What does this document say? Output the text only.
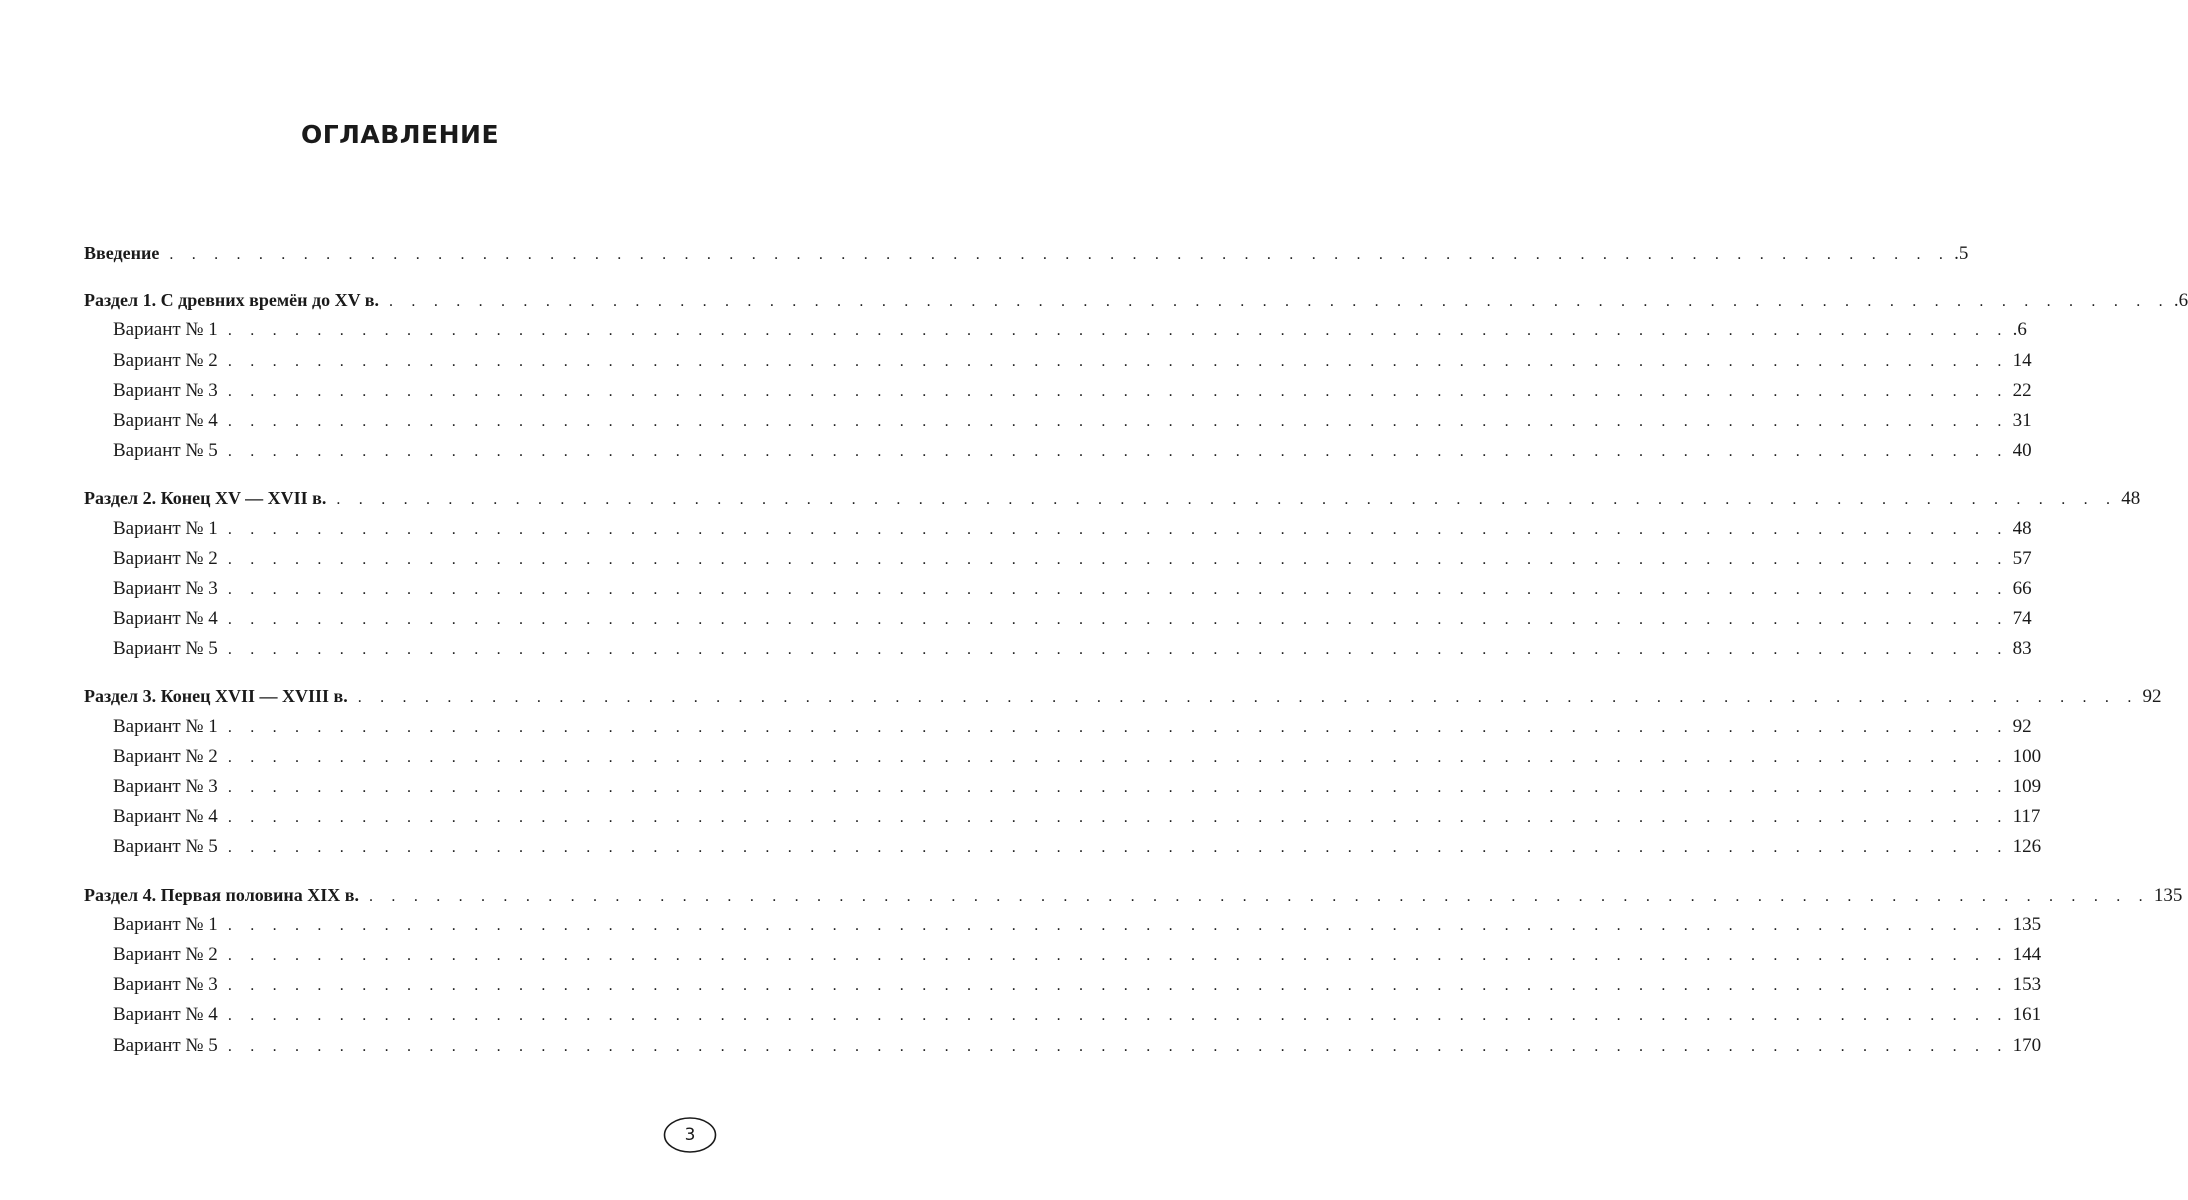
ОГЛАВЛЕНИЕ
Введение . . . . . . . . . . . . . . . . . . . . . . . . . . . . . . . . . . . . . . . . . . . . . . . . . . . . . . . . . . . . . . . . . . . . . . . . . . . . . . . . .5
Раздел 1. С древних времён до XV в. . . . . . . . . . . . . . . . . . . . . . . . . . . . . . . . . . . . . . . . . . . . . . . . . . . . . . . . . . . . . . . . . . . . . . . . . . . . . . . . . .6
Вариант № 1 . . . . . . . . . . . . . . . . . . . . . . . . . . . . . . . . . . . . . . . . . . . . . . . . . . . . . . . . . . . . . . . . . . . . . . . . . . . . . . . . .6
Вариант № 2 . . . . . . . . . . . . . . . . . . . . . . . . . . . . . . . . . . . . . . . . . . . . . . . . . . . . . . . . . . . . . . . . . . . . . . . . . . . . . . . . 14
Вариант № 3 . . . . . . . . . . . . . . . . . . . . . . . . . . . . . . . . . . . . . . . . . . . . . . . . . . . . . . . . . . . . . . . . . . . . . . . . . . . . . . . . 22
Вариант № 4 . . . . . . . . . . . . . . . . . . . . . . . . . . . . . . . . . . . . . . . . . . . . . . . . . . . . . . . . . . . . . . . . . . . . . . . . . . . . . . . . 31
Вариант № 5 . . . . . . . . . . . . . . . . . . . . . . . . . . . . . . . . . . . . . . . . . . . . . . . . . . . . . . . . . . . . . . . . . . . . . . . . . . . . . . . . 40
Раздел 2. Конец XV — XVII в. . . . . . . . . . . . . . . . . . . . . . . . . . . . . . . . . . . . . . . . . . . . . . . . . . . . . . . . . . . . . . . . . . . . . . . . . . . . . . . . . 48
Вариант № 1 . . . . . . . . . . . . . . . . . . . . . . . . . . . . . . . . . . . . . . . . . . . . . . . . . . . . . . . . . . . . . . . . . . . . . . . . . . . . . . . . 48
Вариант № 2 . . . . . . . . . . . . . . . . . . . . . . . . . . . . . . . . . . . . . . . . . . . . . . . . . . . . . . . . . . . . . . . . . . . . . . . . . . . . . . . . 57
Вариант № 3 . . . . . . . . . . . . . . . . . . . . . . . . . . . . . . . . . . . . . . . . . . . . . . . . . . . . . . . . . . . . . . . . . . . . . . . . . . . . . . . . 66
Вариант № 4 . . . . . . . . . . . . . . . . . . . . . . . . . . . . . . . . . . . . . . . . . . . . . . . . . . . . . . . . . . . . . . . . . . . . . . . . . . . . . . . . 74
Вариант № 5 . . . . . . . . . . . . . . . . . . . . . . . . . . . . . . . . . . . . . . . . . . . . . . . . . . . . . . . . . . . . . . . . . . . . . . . . . . . . . . . . 83
Раздел 3. Конец XVII — XVIII в. . . . . . . . . . . . . . . . . . . . . . . . . . . . . . . . . . . . . . . . . . . . . . . . . . . . . . . . . . . . . . . . . . . . . . . . . . . . . . . . . 92
Вариант № 1 . . . . . . . . . . . . . . . . . . . . . . . . . . . . . . . . . . . . . . . . . . . . . . . . . . . . . . . . . . . . . . . . . . . . . . . . . . . . . . . . 92
Вариант № 2 . . . . . . . . . . . . . . . . . . . . . . . . . . . . . . . . . . . . . . . . . . . . . . . . . . . . . . . . . . . . . . . . . . . . . . . . . . . . . . . . 100
Вариант № 3 . . . . . . . . . . . . . . . . . . . . . . . . . . . . . . . . . . . . . . . . . . . . . . . . . . . . . . . . . . . . . . . . . . . . . . . . . . . . . . . . 109
Вариант № 4 . . . . . . . . . . . . . . . . . . . . . . . . . . . . . . . . . . . . . . . . . . . . . . . . . . . . . . . . . . . . . . . . . . . . . . . . . . . . . . . . 117
Вариант № 5 . . . . . . . . . . . . . . . . . . . . . . . . . . . . . . . . . . . . . . . . . . . . . . . . . . . . . . . . . . . . . . . . . . . . . . . . . . . . . . . . 126
Раздел 4. Первая половина XIX в. . . . . . . . . . . . . . . . . . . . . . . . . . . . . . . . . . . . . . . . . . . . . . . . . . . . . . . . . . . . . . . . . . . . . . . . . . . . . . . . . 135
Вариант № 1 . . . . . . . . . . . . . . . . . . . . . . . . . . . . . . . . . . . . . . . . . . . . . . . . . . . . . . . . . . . . . . . . . . . . . . . . . . . . . . . . 135
Вариант № 2 . . . . . . . . . . . . . . . . . . . . . . . . . . . . . . . . . . . . . . . . . . . . . . . . . . . . . . . . . . . . . . . . . . . . . . . . . . . . . . . . 144
Вариант № 3 . . . . . . . . . . . . . . . . . . . . . . . . . . . . . . . . . . . . . . . . . . . . . . . . . . . . . . . . . . . . . . . . . . . . . . . . . . . . . . . . 153
Вариант № 4 . . . . . . . . . . . . . . . . . . . . . . . . . . . . . . . . . . . . . . . . . . . . . . . . . . . . . . . . . . . . . . . . . . . . . . . . . . . . . . . . 161
Вариант № 5 . . . . . . . . . . . . . . . . . . . . . . . . . . . . . . . . . . . . . . . . . . . . . . . . . . . . . . . . . . . . . . . . . . . . . . . . . . . . . . . . 170
3
